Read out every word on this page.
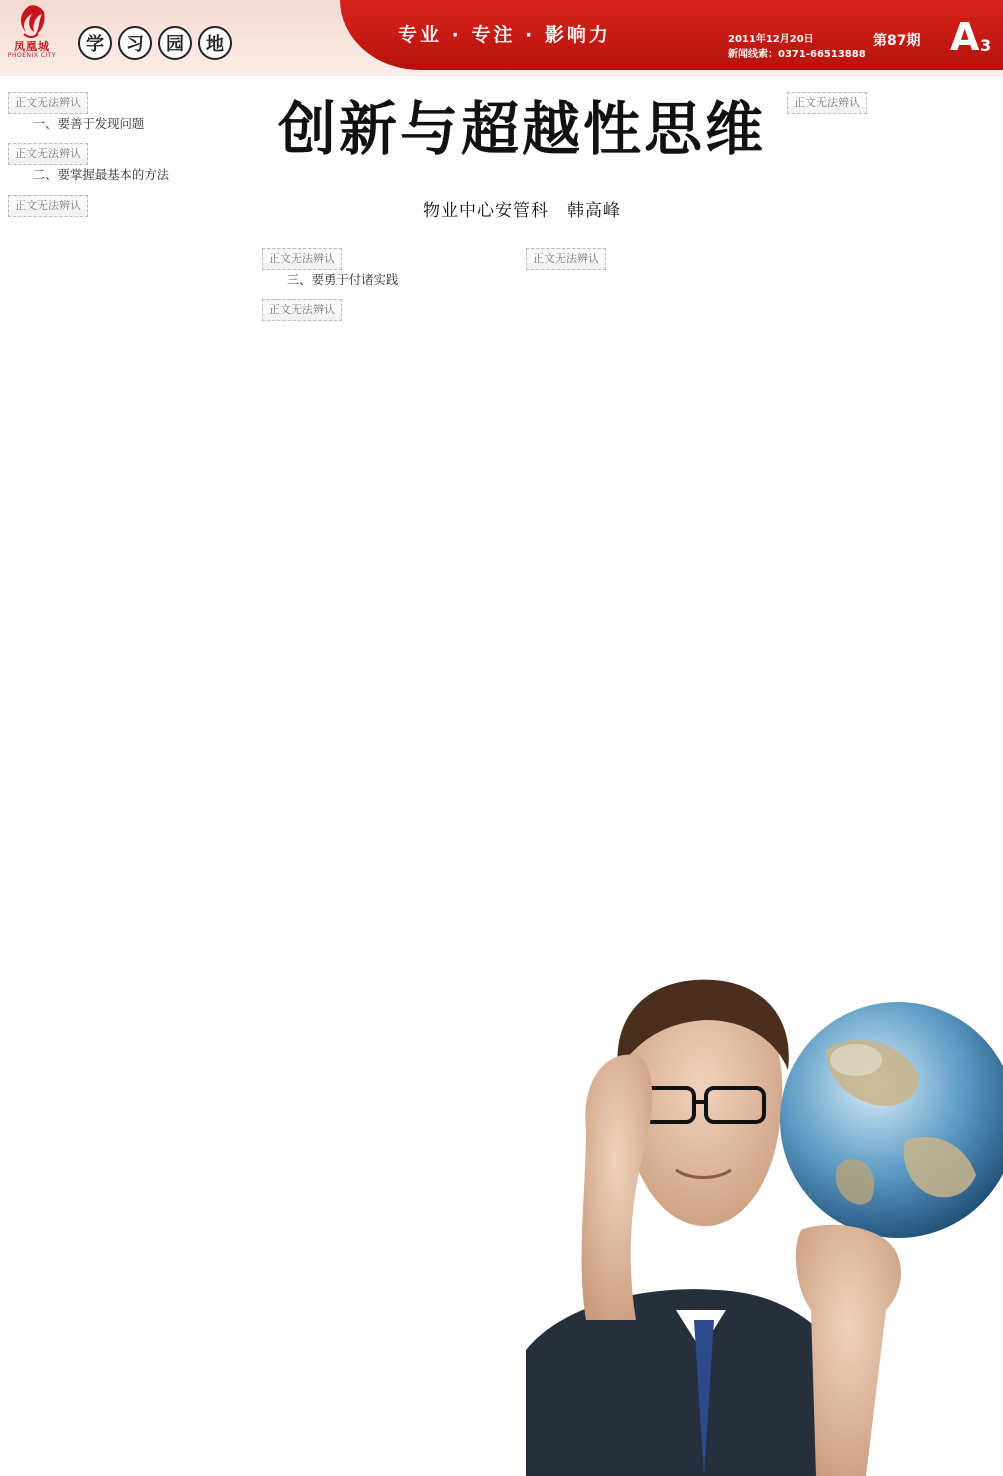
凤凰城
PHOENIX CITY
学	习	园	地	专业 · 专注 · 影响力	2011年12月20日
新闻线索：0371-66513888
第87期 A 3
创新与超越性思维
物业中心安管科　韩高峰
正文无法辨认
一、要善于发现问题
正文无法辨认
二、要掌握最基本的方法
正文无法辨认
正文无法辨认
三、要勇于付诸实践
正文无法辨认
正文无法辨认
正文无法辨认
